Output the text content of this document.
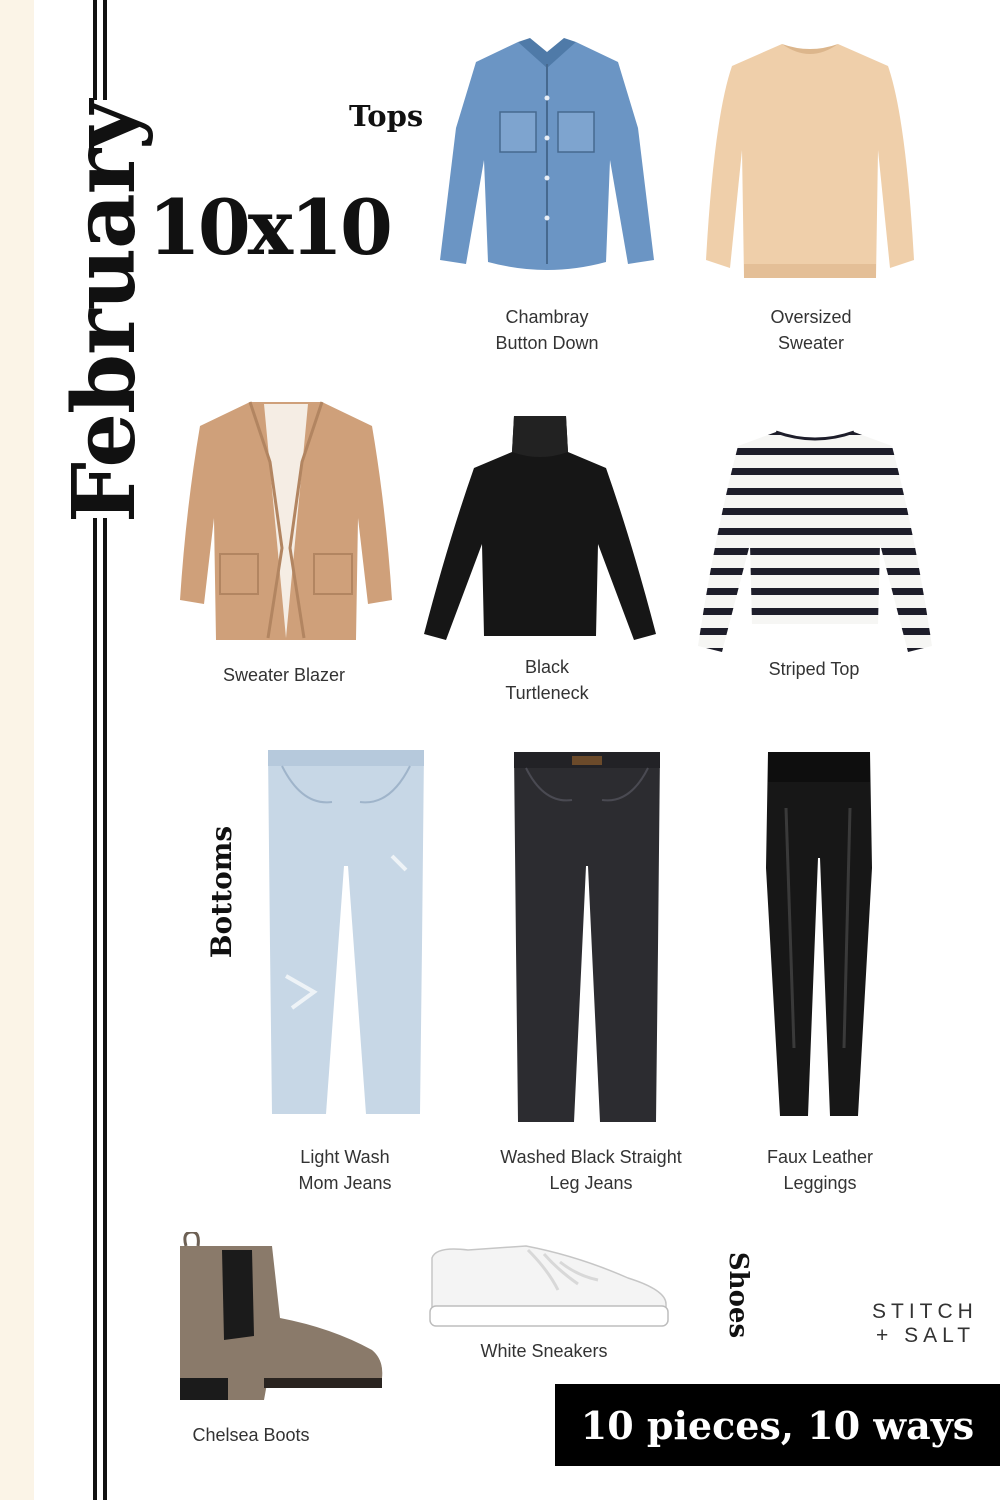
February
10x10
Tops
Bottoms
Shoes
Chambray
Button Down
Oversized
Sweater
Sweater Blazer	Black
Turtleneck
Striped Top
Light Wash
Mom Jeans
Washed Black Straight
Leg Jeans
Faux Leather
Leggings
Chelsea Boots
White Sneakers
STITCH
+ SALT
10 pieces, 10 ways
